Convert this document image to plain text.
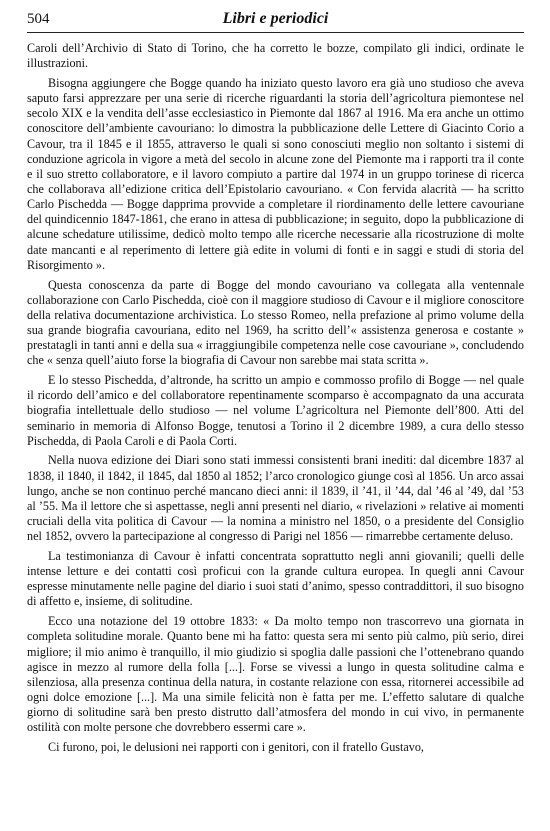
504	Libri e periodici

Caroli dell’Archivio di Stato di Torino, che ha corretto le bozze, compilato gli indici, ordinate le illustrazioni.

Bisogna aggiungere che Bogge quando ha iniziato questo lavoro era già uno studioso che aveva saputo farsi apprezzare per una serie di ricerche riguardanti la storia dell’agricoltura piemontese nel secolo XIX e la vendita dell’asse ecclesiastico in Piemonte dal 1867 al 1916. Ma era anche un ottimo conoscitore dell’ambiente cavouriano: lo dimostra la pubblicazione delle Lettere di Giacinto Corio a Cavour, tra il 1845 e il 1855, attraverso le quali si sono conosciuti meglio non soltanto i sistemi di conduzione agricola in vigore a metà del secolo in alcune zone del Piemonte ma i rapporti tra il conte e il suo stretto collaboratore, e il lavoro compiuto a partire dal 1974 in un gruppo torinese di ricerca che collaborava all’edizione critica dell’Epistolario cavouriano. « Con fervida alacrità — ha scritto Carlo Pischedda — Bogge dapprima provvide a completare il riordinamento delle lettere cavouriane del quindicennio 1847-1861, che erano in attesa di pubblicazione; in seguito, dopo la pubblicazione di alcune schedature utilissime, dedicò molto tempo alle ricerche necessarie alla ricostruzione di molte date mancanti e al reperimento di lettere già edite in volumi di fonti e in saggi e studi di storia del Risorgimento ».

Questa conoscenza da parte di Bogge del mondo cavouriano va collegata alla ventennale collaborazione con Carlo Pischedda, cioè con il maggiore studioso di Cavour e il migliore conoscitore della relativa documentazione archivistica. Lo stesso Romeo, nella prefazione al primo volume della sua grande biografia cavouriana, edito nel 1969, ha scritto dell’« assistenza generosa e costante » prestatagli in tanti anni e della sua « irraggiungibile competenza nelle cose cavouriane », concludendo che « senza quell’aiuto forse la biografia di Cavour non sarebbe mai stata scritta ».

E lo stesso Pischedda, d’altronde, ha scritto un ampio e commosso profilo di Bogge — nel quale il ricordo dell’amico e del collaboratore repentinamente scomparso è accompagnato da una accurata biografia intellettuale dello studioso — nel volume L’agricoltura nel Piemonte dell’800. Atti del seminario in memoria di Alfonso Bogge, tenutosi a Torino il 2 dicembre 1989, a cura dello stesso Pischedda, di Paola Caroli e di Paola Corti.

Nella nuova edizione dei Diari sono stati immessi consistenti brani inediti: dal dicembre 1837 al 1838, il 1840, il 1842, il 1845, dal 1850 al 1852; l’arco cronologico giunge così al 1856. Un arco assai lungo, anche se non continuo perché mancano dieci anni: il 1839, il ’41, il ’44, dal ’46 al ’49, dal ’53 al ’55. Ma il lettore che si aspettasse, negli anni presenti nel diario, « rivelazioni » relative ai momenti cruciali della vita politica di Cavour — la nomina a ministro nel 1850, o a presidente del Consiglio nel 1852, ovvero la partecipazione al congresso di Parigi nel 1856 — rimarrebbe certamente deluso.

La testimonianza di Cavour è infatti concentrata soprattutto negli anni giovanili; quelli delle intense letture e dei contatti così proficui con la grande cultura europea. In quegli anni Cavour espresse minutamente nelle pagine del diario i suoi stati d’animo, spesso contraddittori, il suo bisogno di affetto e, insieme, di solitudine.

Ecco una notazione del 19 ottobre 1833: « Da molto tempo non trascorrevo una giornata in completa solitudine morale. Quanto bene mi ha fatto: questa sera mi sento più calmo, più serio, direi migliore; il mio animo è tranquillo, il mio giudizio si spoglia dalle passioni che l’ottenebrano quando agisce in mezzo al rumore della folla [...]. Forse se vivessi a lungo in questa solitudine calma e silenziosa, alla presenza continua della natura, in costante relazione con essa, ritornerei accessibile ad ogni dolce emozione [...]. Ma una simile felicità non è fatta per me. L’effetto salutare di qualche giorno di solitudine sarà ben presto distrutto dall’atmosfera del mondo in cui vivo, in permanente ostilità con molte persone che dovrebbero essermi care ».

Ci furono, poi, le delusioni nei rapporti con i genitori, con il fratello Gustavo,
